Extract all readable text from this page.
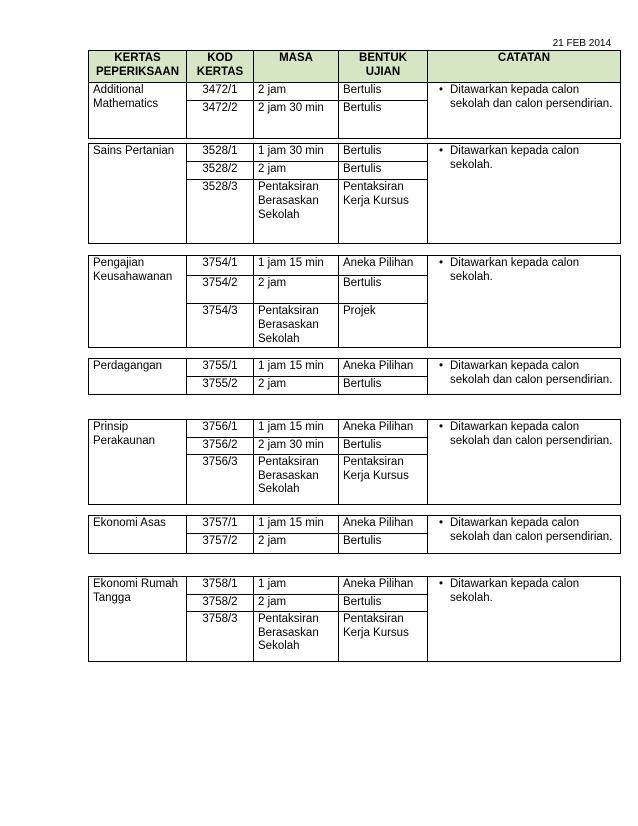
21 FEB 2014
KERTAS PEPERIKSAAN	KOD KERTAS	MASA	BENTUK UJIAN	CATATAN
Additional Mathematics	3472/1	2 jam	Bertulis	• Ditawarkan kepada calon sekolah dan calon persendirian.

	3472/2	2 jam 30 min	Bertulis	
Sains Pertanian	3528/1	1 jam 30 min	Bertulis	• Ditawarkan kepada calon sekolah.

	3528/2	2 jam	Bertulis	
	3528/3	Pentaksiran Berasaskan Sekolah	Pentaksiran Kerja Kursus	
Pengajian Keusahawanan	3754/1	1 jam 15 min	Aneka Pilihan	• Ditawarkan kepada calon sekolah.

	3754/2	2 jam	Bertulis	
	3754/3	Pentaksiran Berasaskan Sekolah	Projek	
Perdagangan	3755/1	1 jam 15 min	Aneka Pilihan	• Ditawarkan kepada calon sekolah dan calon persendirian.

	3755/2	2 jam	Bertulis	
Prinsip Perakaunan	3756/1	1 jam 15 min	Aneka Pilihan	• Ditawarkan kepada calon sekolah dan calon persendirian.

	3756/2	2 jam 30 min	Bertulis	
	3756/3	Pentaksiran Berasaskan Sekolah	Pentaksiran Kerja Kursus	
Ekonomi Asas	3757/1	1 jam 15 min	Aneka Pilihan	• Ditawarkan kepada calon sekolah dan calon persendirian.

	3757/2	2 jam	Bertulis	
Ekonomi Rumah Tangga	3758/1	1 jam	Aneka Pilihan	• Ditawarkan kepada calon sekolah.

	3758/2	2 jam	Bertulis	
	3758/3	Pentaksiran Berasaskan Sekolah	Pentaksiran Kerja Kursus	
